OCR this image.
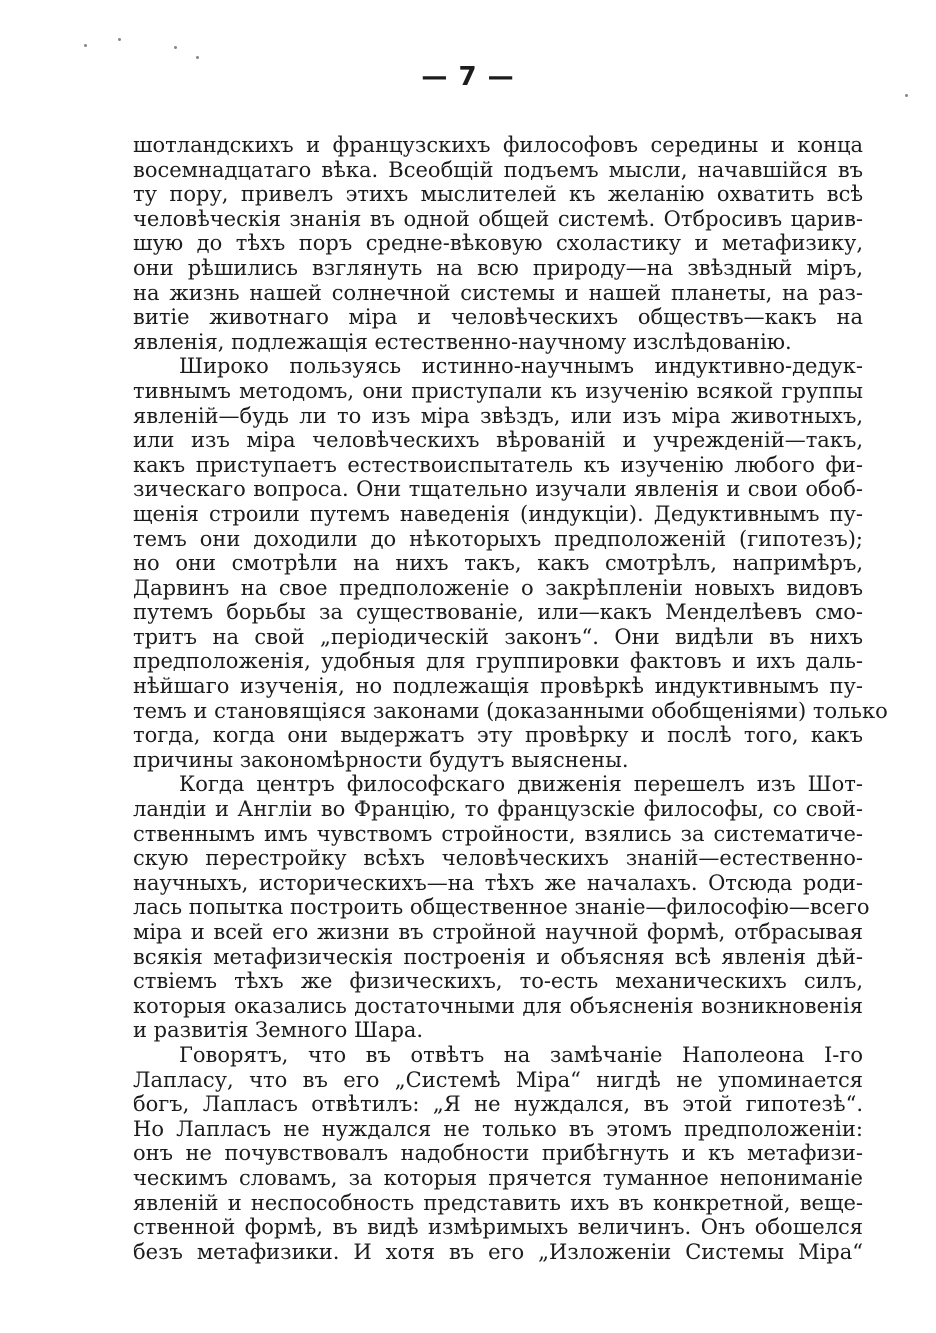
— 7 —
шотландскихъ и французскихъ философовъ середины и конца
восемнадцатаго вѣка. Всеобщій подъемъ мысли, начавшійся въ
ту пору, привелъ этихъ мыслителей къ желанію охватить всѣ
человѣческія знанія въ одной общей системѣ. Отбросивъ царив-
шую до тѣхъ поръ средне-вѣковую схоластику и метафизику,
они рѣшились взглянуть на всю природу—на звѣздный міръ,
на жизнь нашей солнечной системы и нашей планеты, на раз-
витіе животнаго міра и человѣческихъ обществъ—какъ на
явленія, подлежащія естественно-научному изслѣдованію.
Широко пользуясь истинно-научнымъ индуктивно-дедук-
тивнымъ методомъ, они приступали къ изученію всякой группы
явленій—будь ли то изъ міра звѣздъ, или изъ міра животныхъ,
или изъ міра человѣческихъ вѣрованій и учрежденій—такъ,
какъ приступаетъ естествоиспытатель къ изученію любого фи-
зическаго вопроса. Они тщательно изучали явленія и свои обоб-
щенія строили путемъ наведенія (индукціи). Дедуктивнымъ пу-
темъ они доходили до нѣкоторыхъ предположеній (гипотезъ);
но они смотрѣли на нихъ такъ, какъ смотрѣлъ, напримѣръ,
Дарвинъ на свое предположеніе о закрѣпленіи новыхъ видовъ
путемъ борьбы за существованіе, или—какъ Менделѣевъ смо-
тритъ на свой „періодическій законъ“. Они видѣли въ нихъ
предположенія, удобныя для группировки фактовъ и ихъ даль-
нѣйшаго изученія, но подлежащія провѣркѣ индуктивнымъ пу-
темъ и становящіяся законами (доказанными обобщеніями) только
тогда, когда они выдержатъ эту провѣрку и послѣ того, какъ
причины закономѣрности будутъ выяснены.
Когда центръ философскаго движенія перешелъ изъ Шот-
ландіи и Англіи во Францію, то французскіе философы, со свой-
ственнымъ имъ чувствомъ стройности, взялись за систематиче-
скую перестройку всѣхъ человѣческихъ знаній—естественно-
научныхъ, историческихъ—на тѣхъ же началахъ. Отсюда роди-
лась попытка построить общественное знаніе—философію—всего
міра и всей его жизни въ стройной научной формѣ, отбрасывая
всякія метафизическія построенія и объясняя всѣ явленія дѣй-
ствіемъ тѣхъ же физическихъ, то-есть механическихъ силъ,
которыя оказались достаточными для объясненія возникновенія
и развитія Земного Шара.
Говорятъ, что въ отвѣтъ на замѣчаніе Наполеона I-го
Лапласу, что въ его „Системѣ Міра“ нигдѣ не упоминается
богъ, Лапласъ отвѣтилъ: „Я не нуждался, въ этой гипотезѣ“.
Но Лапласъ не нуждался не только въ этомъ предположеніи:
онъ не почувствовалъ надобности прибѣгнуть и къ метафизи-
ческимъ словамъ, за которыя прячется туманное непониманіе
явленій и неспособность представить ихъ въ конкретной, веще-
ственной формѣ, въ видѣ измѣримыхъ величинъ. Онъ обошелся
безъ метафизики. И хотя въ его „Изложеніи Системы Міра“
